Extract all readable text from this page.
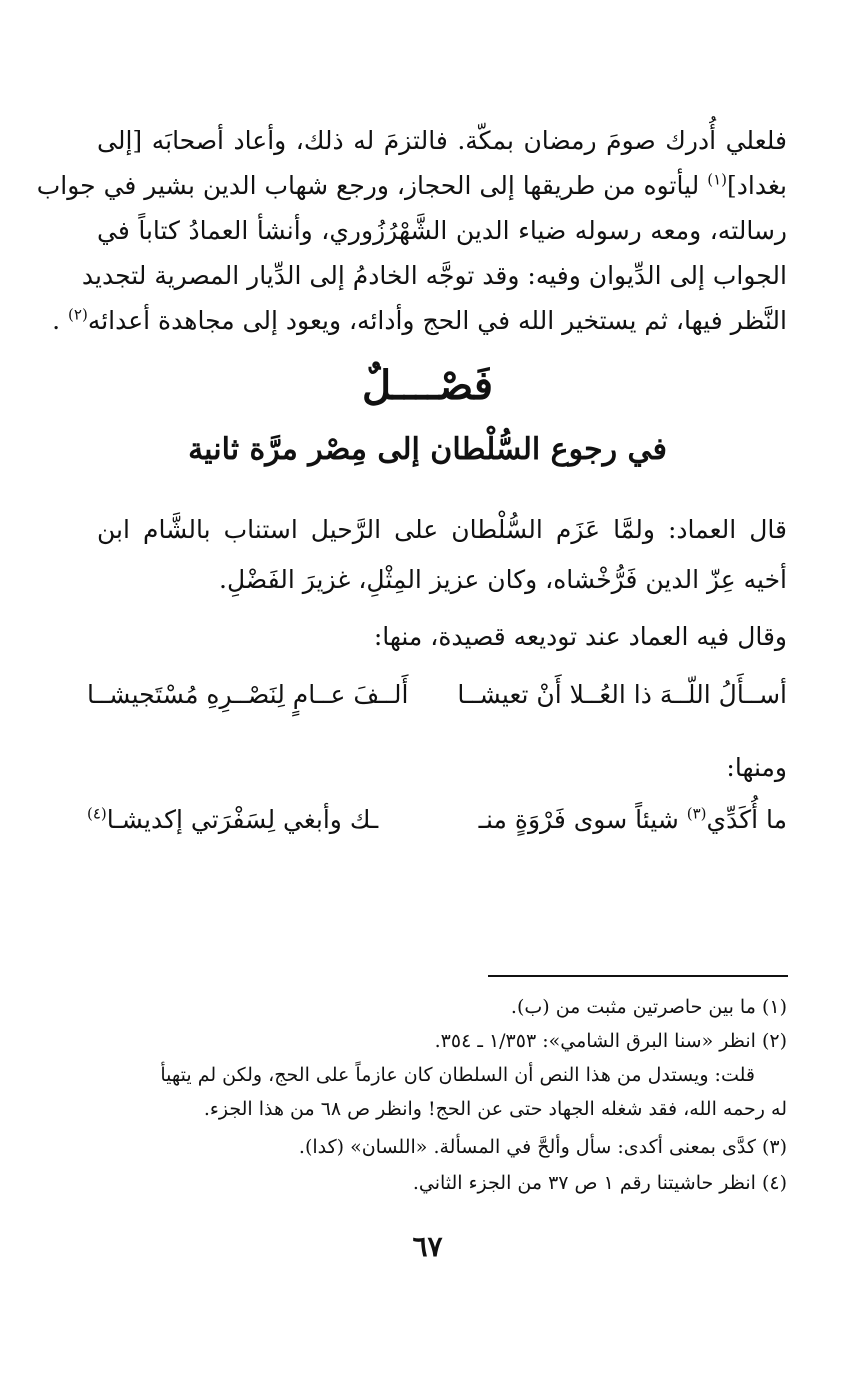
فلعلي أُدرك صومَ رمضان بمكّة. فالتزمَ له ذلك، وأعاد أصحابَه [إلى
بغداد]$^{(١)}$ ليأتوه من طريقها إلى الحجاز، ورجع شهاب الدين بشير في جواب
رسالته، ومعه رسوله ضياء الدين الشَّهْرُزُوري، وأنشأ العمادُ كتاباً في
الجواب إلى الدِّيوان وفيه: وقد توجَّه الخادمُ إلى الدِّيار المصرية لتجديد
النَّظر فيها، ثم يستخير الله في الحج وأدائه، ويعود إلى مجاهدة أعدائه$^{(٢)}$ .
فَصْــــلٌ
في رجوع السُّلْطان إلى مِصْر مرَّة ثانية
قال العماد: ولمَّا عَزَم السُّلْطان على الرَّحيل استناب بالشَّام ابن أخيه عِزّ الدين فَرُّخْشاه، وكان عزيز المِثْلِ، غزيرَ الفَضْلِ.
وقال فيه العماد عند توديعه قصيدة، منها:
أســأَلُ اللّــهَ ذا العُــلا أَنْ تعيشــا
أَلــفَ عــامٍ لِنَصْــرِهِ مُسْتَجيشــا
ومنها:
ما أُكَدِّي$^{(٣)}$ شيئاً سوى فَرْوَةٍ منـ
ـك وأبغي لِسَفْرَتي إكديشـا$^{(٤)}$
(١) ما بين حاصرتين مثبت من (ب).
(٢) انظر «سنا البرق الشامي»: ١/٣٥٣ ـ ٣٥٤.
قلت: ويستدل من هذا النص أن السلطان كان عازماً على الحج، ولكن لم يتهيأ
له رحمه الله، فقد شغله الجهاد حتى عن الحج! وانظر ص ٦٨ من هذا الجزء.
(٣) كدَّى بمعنى أكدى: سأل وألحَّ في المسألة. «اللسان» (كدا).
(٤) انظر حاشيتنا رقم ١ ص ٣٧ من الجزء الثاني.
٦٧
